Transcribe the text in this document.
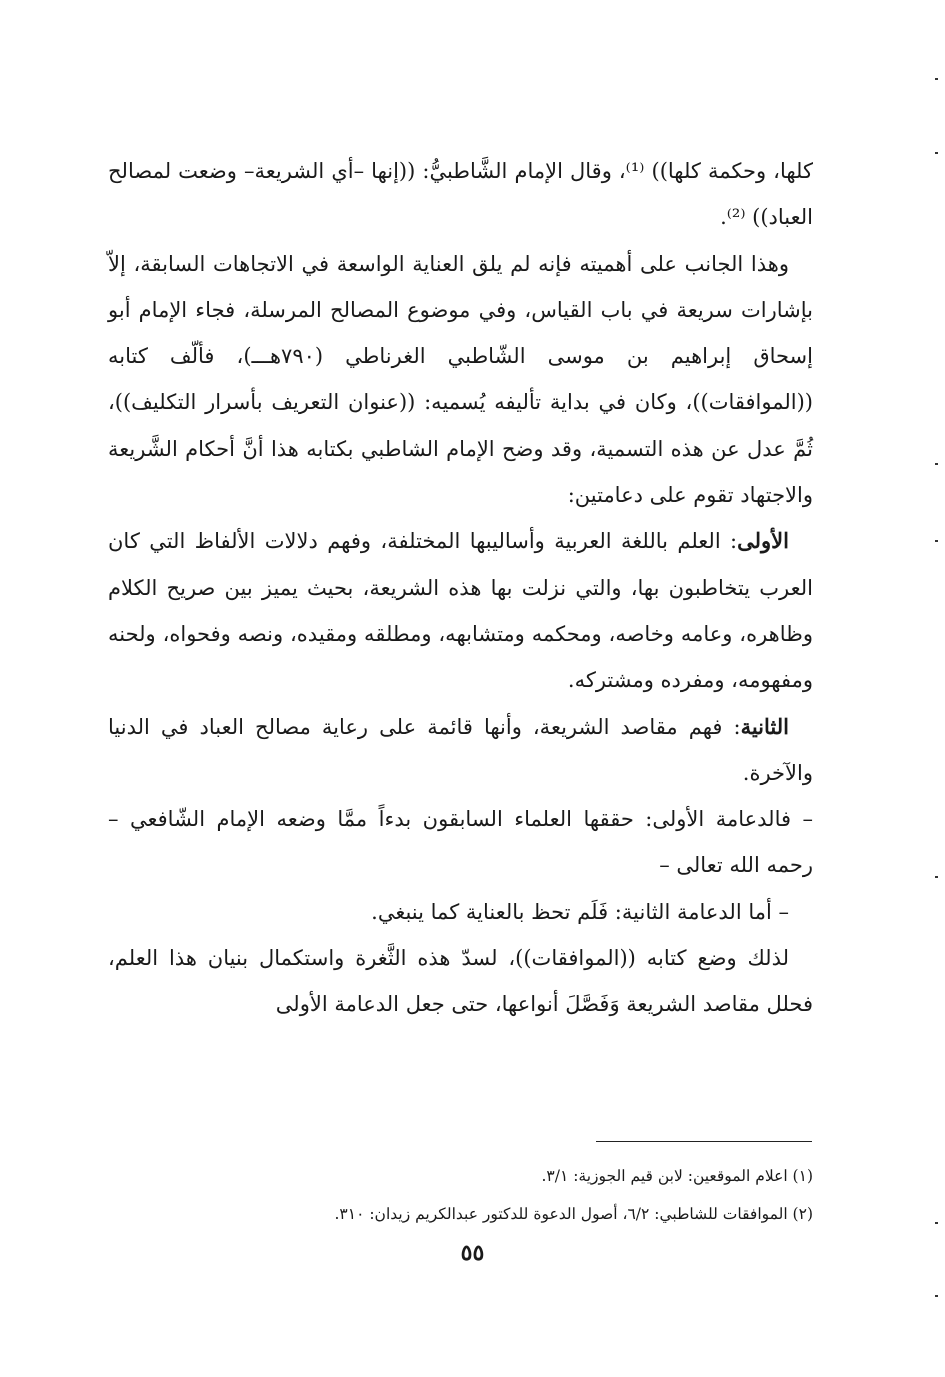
كلها، وحكمة كلها)) ⁽¹⁾، وقال الإمام الشَّاطبيُّ: ((إنها –أي الشريعة– وضعت لمصالح العباد)) ⁽²⁾.

وهذا الجانب على أهميته فإنه لم يلق العناية الواسعة في الاتجاهات السابقة، إلاّ بإشارات سريعة في باب القياس، وفي موضوع المصالح المرسلة، فجاء الإمام أبو إسحاق إبراهيم بن موسى الشّاطبي الغرناطي (٧٩٠هـــ)، فألّف كتابه ((الموافقات))، وكان في بداية تأليفه يُسميه: ((عنوان التعريف بأسرار التكليف))، ثُمَّ عدل عن هذه التسمية، وقد وضح الإمام الشاطبي بكتابه هذا أنَّ أحكام الشَّريعة والاجتهاد تقوم على دعامتين:

الأولى: العلم باللغة العربية وأساليبها المختلفة، وفهم دلالات الألفاظ التي كان العرب يتخاطبون بها، والتي نزلت بها هذه الشريعة، بحيث يميز بين صريح الكلام وظاهره، وعامه وخاصه، ومحكمه ومتشابهه، ومطلقه ومقيده، ونصه وفحواه، ولحنه ومفهومه، ومفرده ومشتركه.

الثانية: فهم مقاصد الشريعة، وأنها قائمة على رعاية مصالح العباد في الدنيا والآخرة.

– فالدعامة الأولى: حققها العلماء السابقون بدءاً ممَّا وضعه الإمام الشّافعي – رحمه الله تعالى –

– أما الدعامة الثانية: فَلَم تحظ بالعناية كما ينبغي.

لذلك وضع كتابه ((الموافقات))، لسدّ هذه الثَّغرة واستكمال بنيان هذا العلم، فحلل مقاصد الشريعة وَفَصَّلَ أنواعها، حتى جعل الدعامة الأولى

(١) اعلام الموقعين: لابن قيم الجوزية: ٣/١.

(٢) الموافقات للشاطبي: ٦/٢، أصول الدعوة للدكتور عبدالكريم زيدان: ٣١٠.

٥٥
